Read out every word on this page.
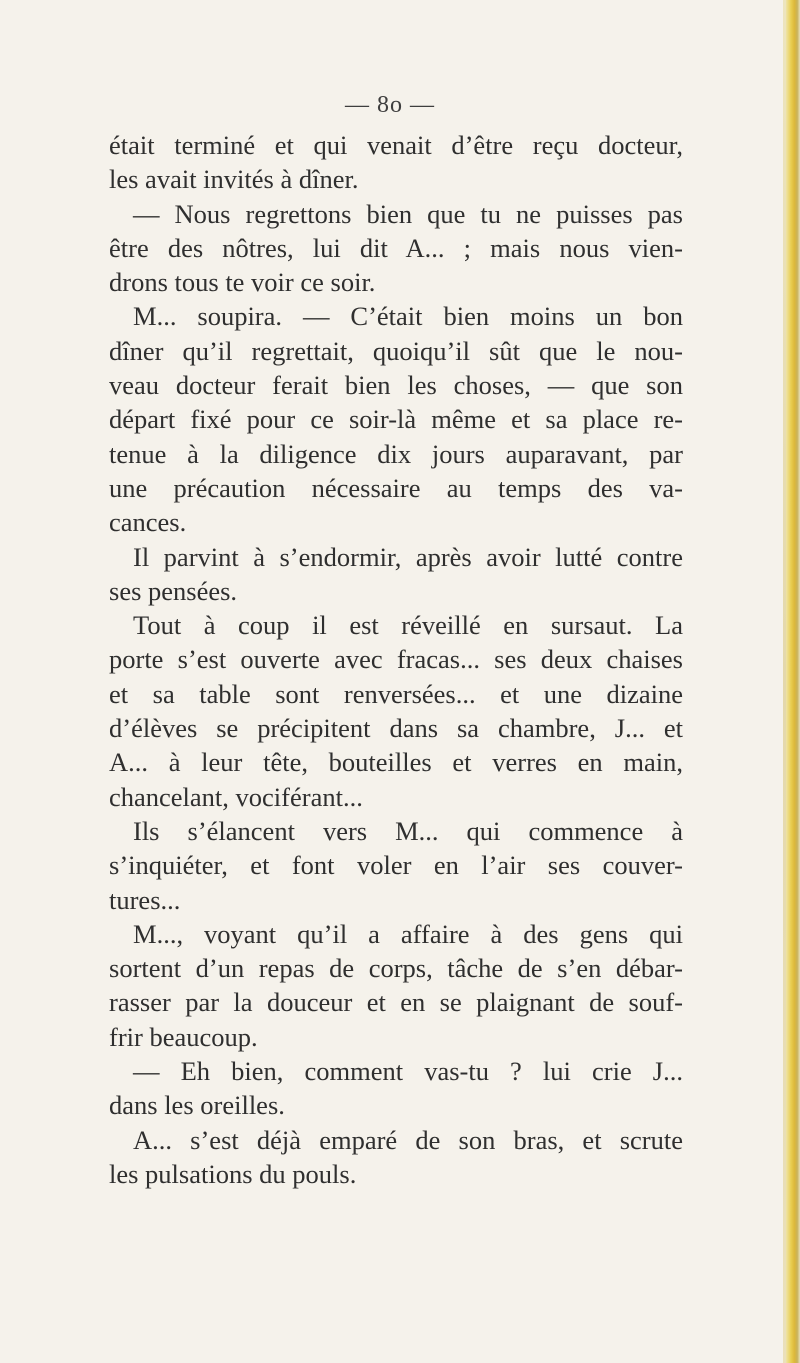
— 8o —
était terminé et qui venait d’être reçu docteur,
les avait invités à dîner.
— Nous regrettons bien que tu ne puisses pas
être des nôtres, lui dit A... ; mais nous vien-
drons tous te voir ce soir.
M... soupira. — C’était bien moins un bon
dîner qu’il regrettait, quoiqu’il sût que le nou-
veau docteur ferait bien les choses, — que son
départ fixé pour ce soir-là même et sa place re-
tenue à la diligence dix jours auparavant, par
une précaution nécessaire au temps des va-
cances.
Il parvint à s’endormir, après avoir lutté contre
ses pensées.
Tout à coup il est réveillé en sursaut. La
porte s’est ouverte avec fracas... ses deux chaises
et sa table sont renversées... et une dizaine
d’élèves se précipitent dans sa chambre, J... et
A... à leur tête, bouteilles et verres en main,
chancelant, vociférant...
Ils s’élancent vers M... qui commence à
s’inquiéter, et font voler en l’air ses couver-
tures...
M..., voyant qu’il a affaire à des gens qui
sortent d’un repas de corps, tâche de s’en débar-
rasser par la douceur et en se plaignant de souf-
frir beaucoup.
— Eh bien, comment vas-tu ? lui crie J...
dans les oreilles.
A... s’est déjà emparé de son bras, et scrute
les pulsations du pouls.
